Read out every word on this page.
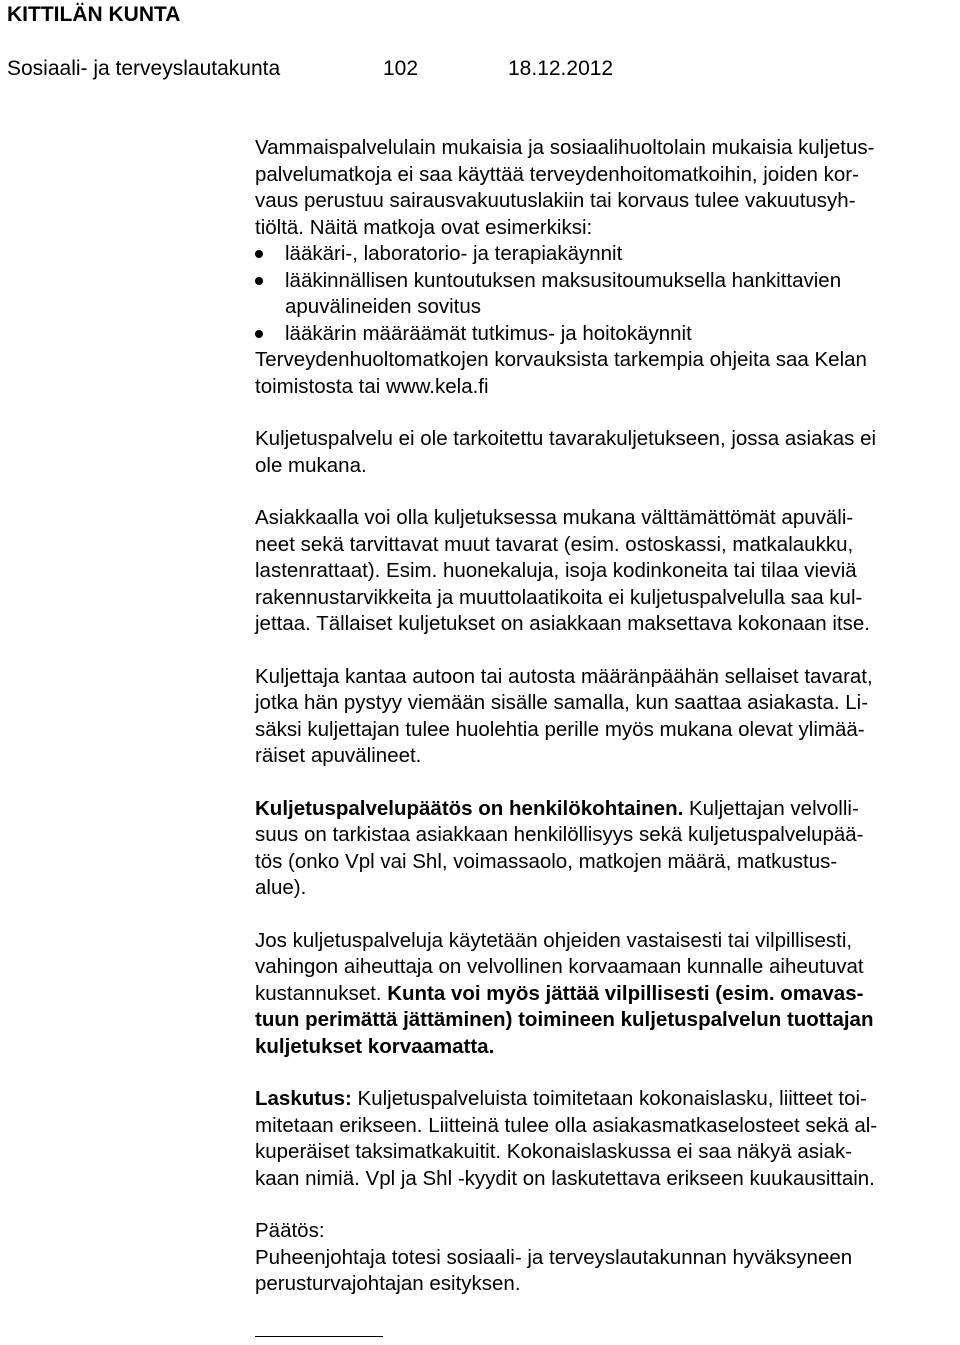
KITTILÄN KUNTA
Sosiaali- ja terveyslautakunta	102	18.12.2012
Vammaispalvelulain mukaisia ja sosiaalihuoltolain mukaisia kuljetus-
palvelumatkoja ei saa käyttää terveydenhoitomatkoihin, joiden kor-
vaus perustuu sairausvakuutuslakiin tai korvaus tulee vakuutusyh-
tiöltä. Näitä matkoja ovat esimerkiksi:
lääkäri-, laboratorio- ja terapiakäynnit
lääkinnällisen kuntoutuksen maksusitoumuksella hankittavien
apuvälineiden sovitus
lääkärin määräämät tutkimus- ja hoitokäynnit
Terveydenhuoltomatkojen korvauksista tarkempia ohjeita saa Kelan
toimistosta tai www.kela.fi
Kuljetuspalvelu ei ole tarkoitettu tavarakuljetukseen, jossa asiakas ei
ole mukana.
Asiakkaalla voi olla kuljetuksessa mukana välttämättömät apuväli-
neet sekä tarvittavat muut tavarat (esim. ostoskassi, matkalaukku,
lastenrattaat). Esim. huonekaluja, isoja kodinkoneita tai tilaa vieviä
rakennustarvikkeita ja muuttolaatikoita ei kuljetuspalvelulla saa kul-
jettaa. Tällaiset kuljetukset on asiakkaan maksettava kokonaan itse.
Kuljettaja kantaa autoon tai autosta määränpäähän sellaiset tavarat,
jotka hän pystyy viemään sisälle samalla, kun saattaa asiakasta. Li-
säksi kuljettajan tulee huolehtia perille myös mukana olevat ylimää-
räiset apuvälineet.
Kuljetuspalvelupäätös on henkilökohtainen. Kuljettajan velvolli-
suus on tarkistaa asiakkaan henkilöllisyys sekä kuljetuspalvelupää-
tös (onko Vpl vai Shl, voimassaolo, matkojen määrä, matkustus-
alue).
Jos kuljetuspalveluja käytetään ohjeiden vastaisesti tai vilpillisesti,
vahingon aiheuttaja on velvollinen korvaamaan kunnalle aiheutuvat
kustannukset. Kunta voi myös jättää vilpillisesti (esim. omavas-
tuun perimättä jättäminen) toimineen kuljetuspalvelun tuottajan
kuljetukset korvaamatta.
Laskutus: Kuljetuspalveluista toimitetaan kokonaislasku, liitteet toi-
mitetaan erikseen. Liitteinä tulee olla asiakasmatkaselosteet sekä al-
kuperäiset taksimatkakuitit. Kokonaislaskussa ei saa näkyä asiak-
kaan nimiä. Vpl ja Shl -kyydit on laskutettava erikseen kuukausittain.
Päätös:
Puheenjohtaja totesi sosiaali- ja terveyslautakunnan hyväksyneen
perusturvajohtajan esityksen.
